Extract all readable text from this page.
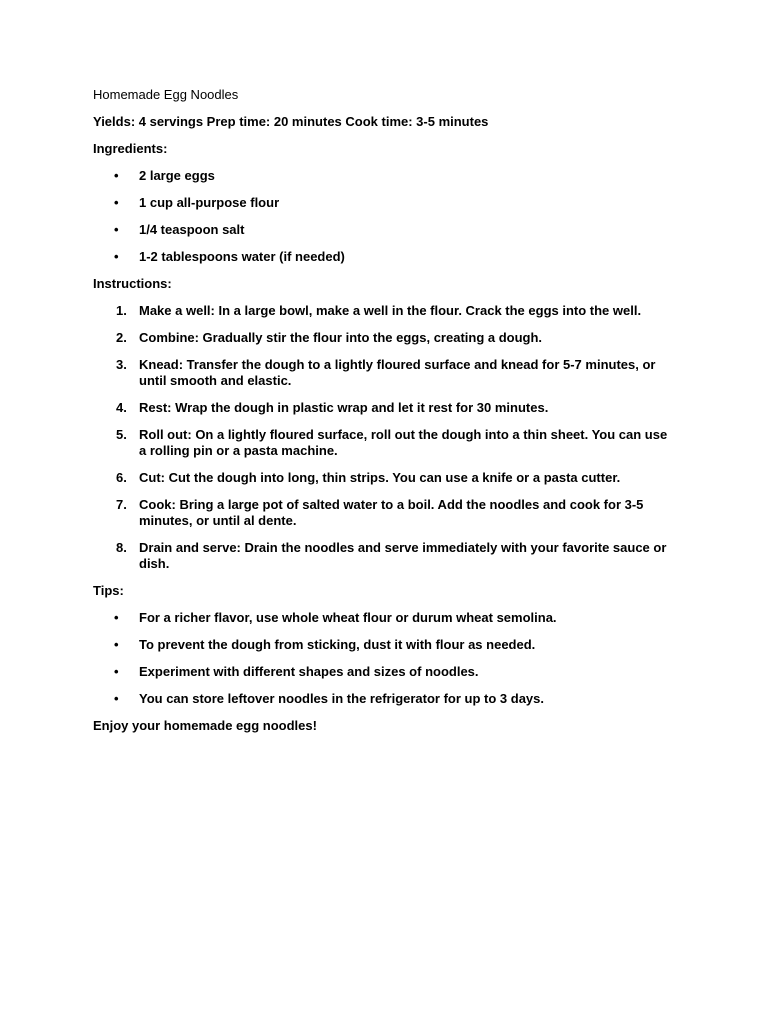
Homemade Egg Noodles

Yields: 4 servings Prep time: 20 minutes Cook time: 3-5 minutes

Ingredients:

• 2 large eggs
• 1 cup all-purpose flour
• 1/4 teaspoon salt
• 1-2 tablespoons water (if needed)

Instructions:

1. Make a well: In a large bowl, make a well in the flour. Crack the eggs into the well.
2. Combine: Gradually stir the flour into the eggs, creating a dough.
3. Knead: Transfer the dough to a lightly floured surface and knead for 5-7 minutes, or until smooth and elastic.
4. Rest: Wrap the dough in plastic wrap and let it rest for 30 minutes.
5. Roll out: On a lightly floured surface, roll out the dough into a thin sheet. You can use a rolling pin or a pasta machine.
6. Cut: Cut the dough into long, thin strips. You can use a knife or a pasta cutter.
7. Cook: Bring a large pot of salted water to a boil. Add the noodles and cook for 3-5 minutes, or until al dente.
8. Drain and serve: Drain the noodles and serve immediately with your favorite sauce or dish.

Tips:

• For a richer flavor, use whole wheat flour or durum wheat semolina.
• To prevent the dough from sticking, dust it with flour as needed.
• Experiment with different shapes and sizes of noodles.
• You can store leftover noodles in the refrigerator for up to 3 days.

Enjoy your homemade egg noodles!
